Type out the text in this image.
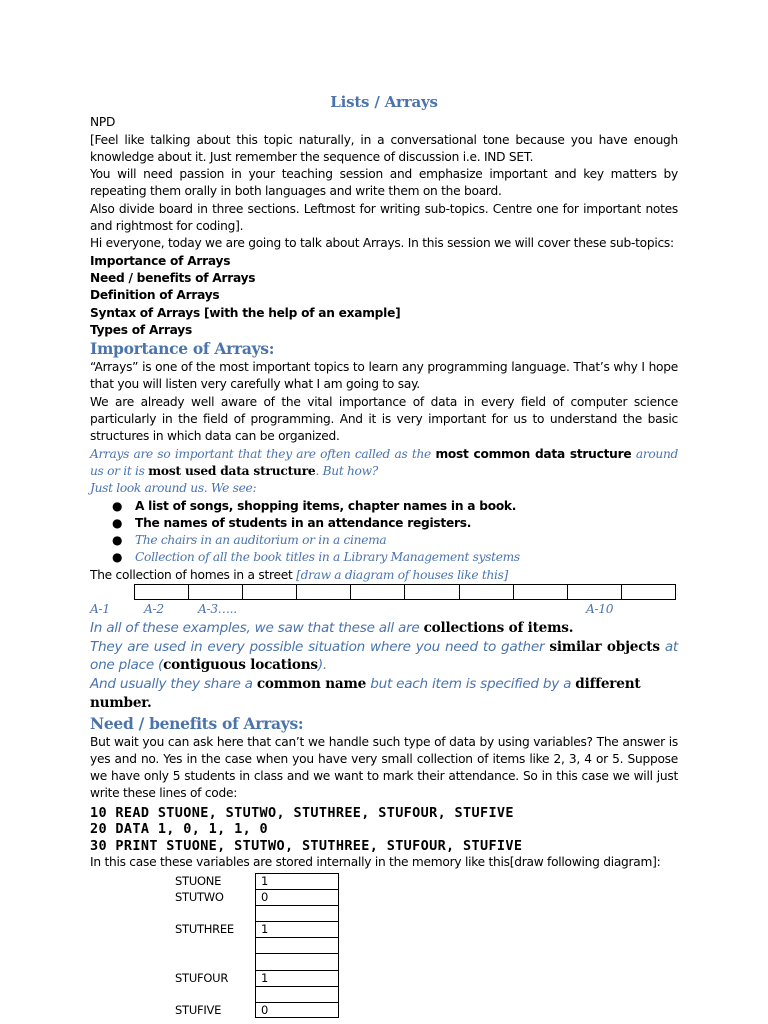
Lists / Arrays

NPD

[Feel like talking about this topic naturally, in a conversational tone because you have enough knowledge about it. Just remember the sequence of discussion i.e. IND SET.

You will need passion in your teaching session and emphasize important and key matters by repeating them orally in both languages and write them on the board.

Also divide board in three sections. Leftmost for writing sub-topics. Centre one for important notes and rightmost for coding].

Hi everyone, today we are going to talk about Arrays. In this session we will cover these sub-topics:

Importance of Arrays

Need / benefits of Arrays

Definition of Arrays

Syntax of Arrays [with the help of an example]

Types of Arrays

Importance of Arrays:

“Arrays” is one of the most important topics to learn any programming language. That’s why I hope that you will listen very carefully what I am going to say.

We are already well aware of the vital importance of data in every field of computer science particularly in the field of programming. And it is very important for us to understand the basic structures in which data can be organized.

Arrays are so important that they are often called as the most common data structure around us or it is most used data structure. But how?

Just look around us. We see:

● A list of songs, shopping items, chapter names in a book.
● The names of students in an attendance registers.
● The chairs in an auditorium or in a cinema
● Collection of all the book titles in a Library Management systems

The collection of homes in a street [draw a diagram of houses like this]

A-1	A-2	A-3…..	A-10

In all of these examples, we saw that these all are collections of items.

They are used in every possible situation where you need to gather similar objects at one place (contiguous locations).

And usually they share a common name but each item is specified by a different number.

Need / benefits of Arrays:

But wait you can ask here that can’t we handle such type of data by using variables? The answer is yes and no. Yes in the case when you have very small collection of items like 2, 3, 4 or 5. Suppose we have only 5 students in class and we want to mark their attendance. So in this case we will just write these lines of code:

10 READ STUONE, STUTWO, STUTHREE, STUFOUR, STUFIVE

20 DATA 1, 0, 1, 1, 0

30 PRINT STUONE, STUTWO, STUTHREE, STUFOUR, STUFIVE

In this case these variables are stored internally in the memory like this[draw following diagram]:

STUONE	1
STUTWO	0
STUTHREE	1
STUFOUR	1
STUFIVE	0
